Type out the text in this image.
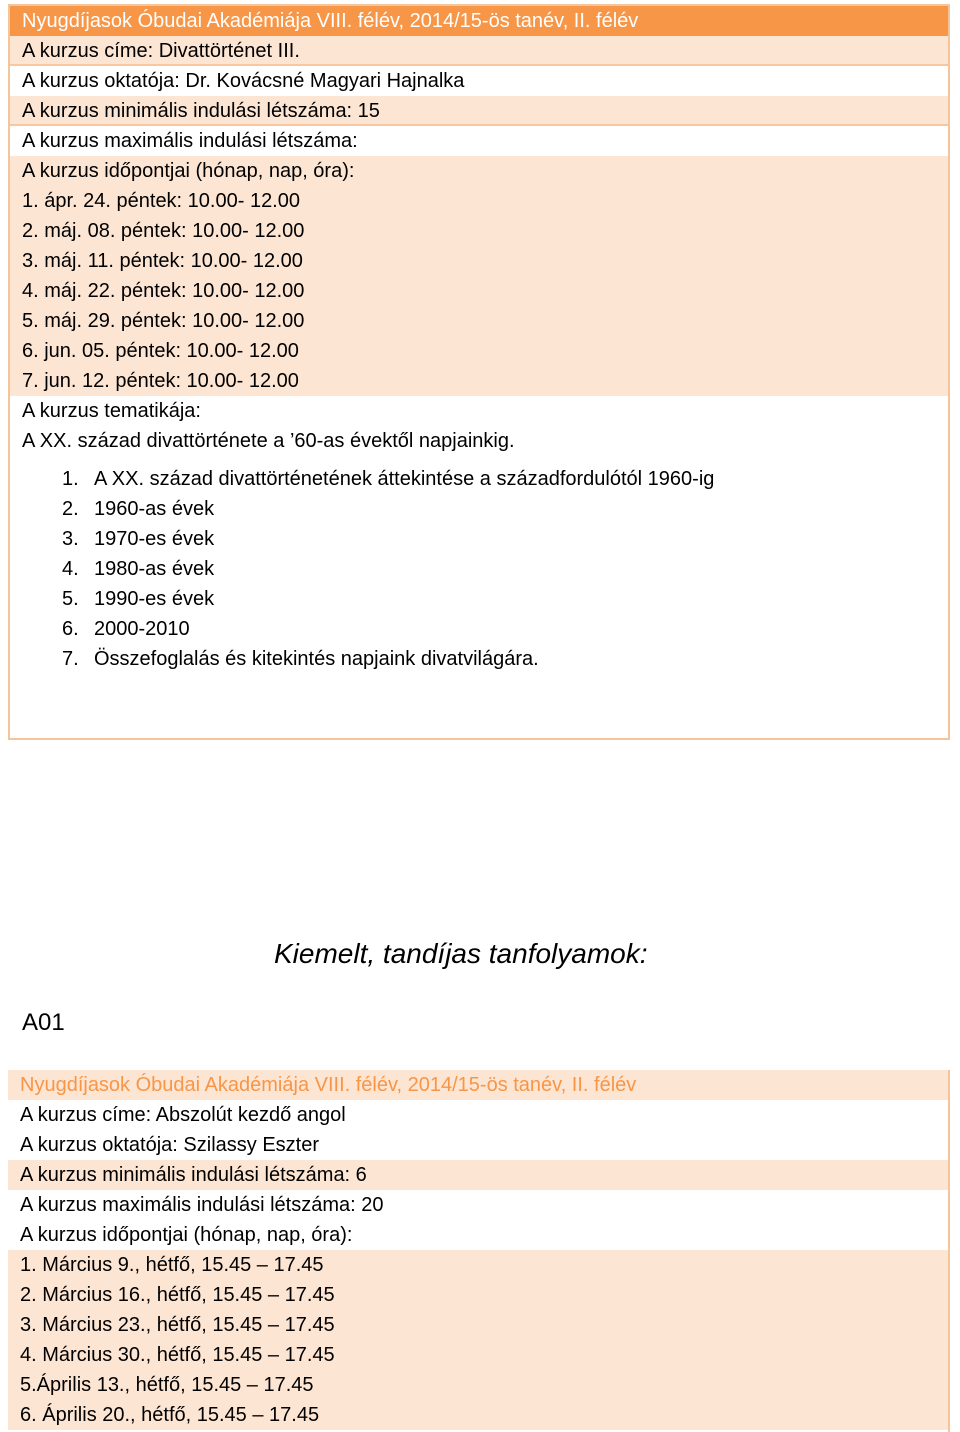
Nyugdíjasok Óbudai Akadémiája VIII. félév, 2014/15-ös tanév, II. félév
A kurzus címe: Divattörténet III.
A kurzus oktatója: Dr. Kovácsné Magyari Hajnalka
A kurzus minimális indulási létszáma: 15
A kurzus maximális indulási létszáma:
A kurzus időpontjai (hónap, nap, óra):
1. ápr. 24. péntek: 10.00- 12.00
2. máj. 08. péntek: 10.00- 12.00
3. máj. 11. péntek: 10.00- 12.00
4. máj. 22. péntek: 10.00- 12.00
5. máj. 29. péntek: 10.00- 12.00
6. jun. 05. péntek: 10.00- 12.00
7. jun. 12. péntek: 10.00- 12.00
A kurzus tematikája:
A XX. század divattörténete a ’60-as évektől napjainkig.
1. A XX. század divattörténetének áttekintése a századfordulótól 1960-ig
2. 1960-as évek
3. 1970-es évek
4. 1980-as évek
5. 1990-es évek
6. 2000-2010
7. Összefoglalás és kitekintés napjaink divatvilágára.
Kiemelt, tandíjas tanfolyamok:
A01
Nyugdíjasok Óbudai Akadémiája VIII. félév, 2014/15-ös tanév, II. félév
A kurzus címe: Abszolút kezdő angol
A kurzus oktatója: Szilassy Eszter
A kurzus minimális indulási létszáma: 6
A kurzus maximális indulási létszáma: 20
A kurzus időpontjai (hónap, nap, óra):
1. Március 9., hétfő, 15.45 – 17.45
2. Március 16., hétfő, 15.45 – 17.45
3. Március 23., hétfő, 15.45 – 17.45
4. Március 30., hétfő, 15.45 – 17.45
5.Április 13., hétfő, 15.45 – 17.45
6. Április 20., hétfő, 15.45 – 17.45
